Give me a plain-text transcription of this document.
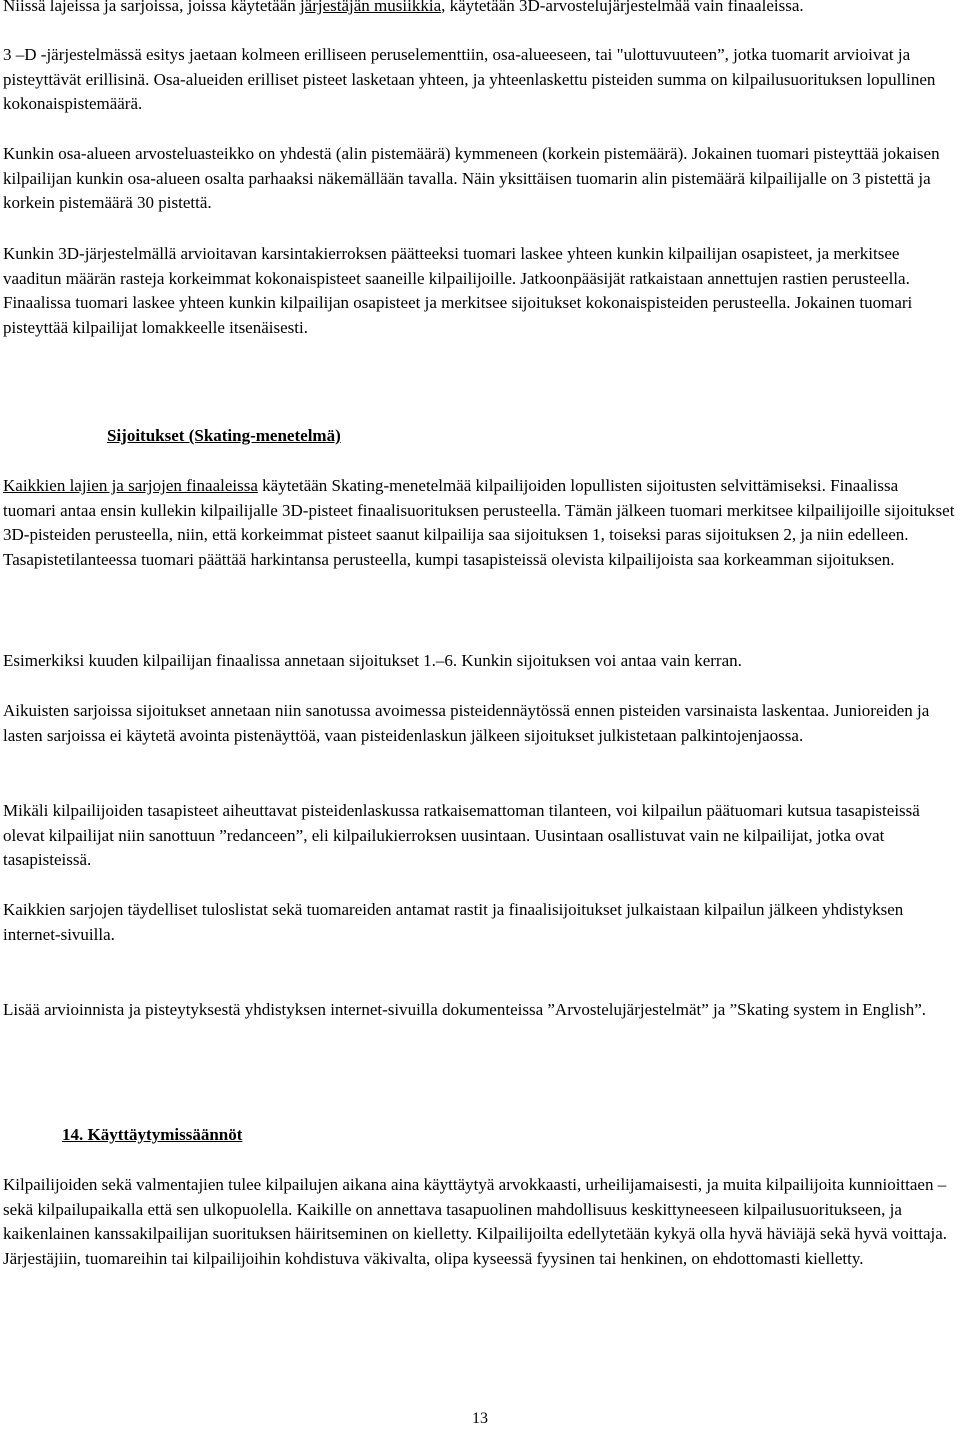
Niissä lajeissa ja sarjoissa, joissa käytetään järjestäjän musiikkia, käytetään 3D-arvostelujärjestelmää vain finaaleissa.

3 –D -järjestelmässä esitys jaetaan kolmeen erilliseen peruselementtiin, osa-alueeseen, tai "ulottuvuuteen”, jotka tuomarit arvioivat ja pisteyttävät erillisinä. Osa-alueiden erilliset pisteet lasketaan yhteen, ja yhteenlaskettu pisteiden summa on kilpailusuorituksen lopullinen kokonaispistemäärä.

Kunkin osa-alueen arvosteluasteikko on yhdestä (alin pistemäärä) kymmeneen (korkein pistemäärä). Jokainen tuomari pisteyttää jokaisen kilpailijan kunkin osa-alueen osalta parhaaksi näkemällään tavalla. Näin yksittäisen tuomarin alin pistemäärä kilpailijalle on 3 pistettä ja korkein pistemäärä 30 pistettä.

Kunkin 3D-järjestelmällä arvioitavan karsintakierroksen päätteeksi tuomari laskee yhteen kunkin kilpailijan osapisteet, ja merkitsee vaaditun määrän rasteja korkeimmat kokonaispisteet saaneille kilpailijoille. Jatkoonpääsijät ratkaistaan annettujen rastien perusteella. Finaalissa tuomari laskee yhteen kunkin kilpailijan osapisteet ja merkitsee sijoitukset kokonaispisteiden perusteella. Jokainen tuomari pisteyttää kilpailijat lomakkeelle itsenäisesti.

Sijoitukset (Skating-menetelmä)

Kaikkien lajien ja sarjojen finaaleissa käytetään Skating-menetelmää kilpailijoiden lopullisten sijoitusten selvittämiseksi. Finaalissa tuomari antaa ensin kullekin kilpailijalle 3D-pisteet finaalisuorituksen perusteella. Tämän jälkeen tuomari merkitsee kilpailijoille sijoitukset 3D-pisteiden perusteella, niin, että korkeimmat pisteet saanut kilpailija saa sijoituksen 1, toiseksi paras sijoituksen 2, ja niin edelleen. Tasapistetilanteessa tuomari päättää harkintansa perusteella, kumpi tasapisteissä olevista kilpailijoista saa korkeamman sijoituksen.

Esimerkiksi kuuden kilpailijan finaalissa annetaan sijoitukset 1.–6. Kunkin sijoituksen voi antaa vain kerran.

Aikuisten sarjoissa sijoitukset annetaan niin sanotussa avoimessa pisteidennäytössä ennen pisteiden varsinaista laskentaa. Junioreiden ja lasten sarjoissa ei käytetä avointa pistenäyttöä, vaan pisteidenlaskun jälkeen sijoitukset julkistetaan palkintojenjaossa.

Mikäli kilpailijoiden tasapisteet aiheuttavat pisteidenlaskussa ratkaisemattoman tilanteen, voi kilpailun päätuomari kutsua tasapisteissä olevat kilpailijat niin sanottuun ”redanceen”, eli kilpailukierroksen uusintaan. Uusintaan osallistuvat vain ne kilpailijat, jotka ovat tasapisteissä.

Kaikkien sarjojen täydelliset tuloslistat sekä tuomareiden antamat rastit ja finaalisijoitukset julkaistaan kilpailun jälkeen yhdistyksen internet-sivuilla.

Lisää arvioinnista ja pisteytyksestä yhdistyksen internet-sivuilla dokumenteissa ”Arvostelujärjestelmät” ja ”Skating system in English”.

14. Käyttäytymissäännöt

Kilpailijoiden sekä valmentajien tulee kilpailujen aikana aina käyttäytyä arvokkaasti, urheilijamaisesti, ja muita kilpailijoita kunnioittaen – sekä kilpailupaikalla että sen ulkopuolella. Kaikille on annettava tasapuolinen mahdollisuus keskittyneeseen kilpailusuoritukseen, ja kaikenlainen kanssakilpailijan suorituksen häiritseminen on kielletty. Kilpailijoilta edellytetään kykyä olla hyvä häviäjä sekä hyvä voittaja. Järjestäjiin, tuomareihin tai kilpailijoihin kohdistuva väkivalta, olipa kyseessä fyysinen tai henkinen, on ehdottomasti kielletty.

13
